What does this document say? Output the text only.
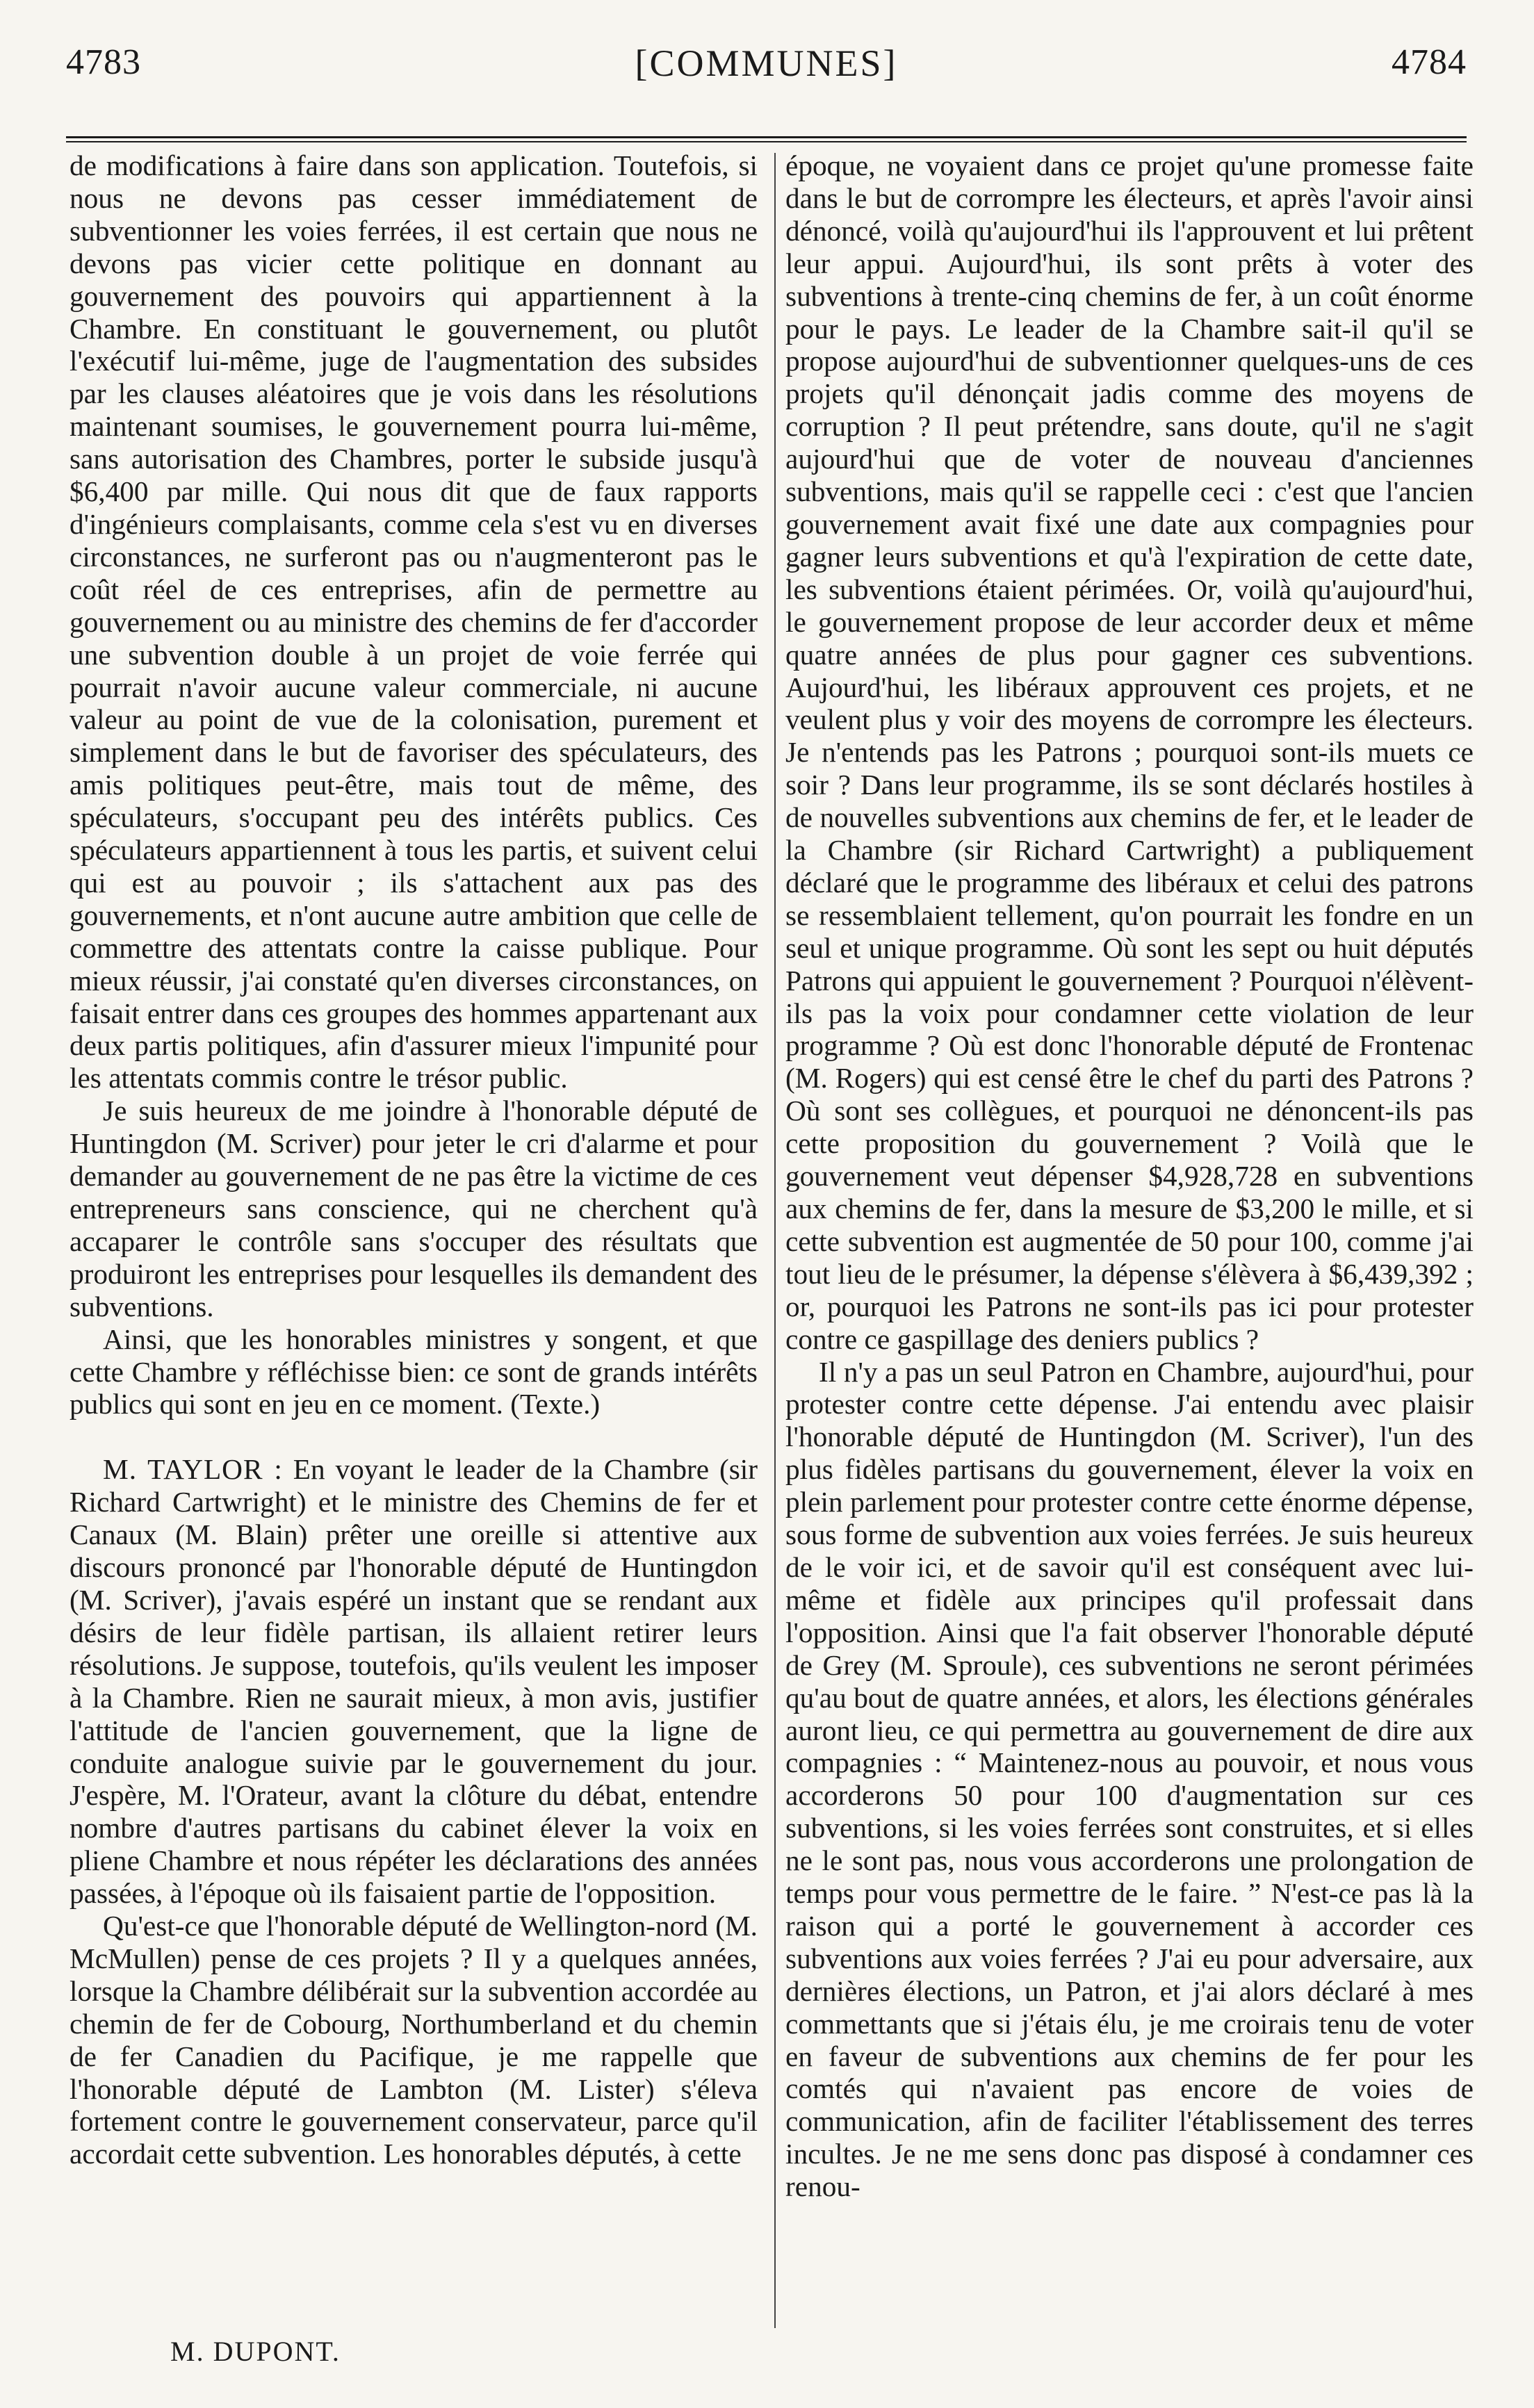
4783	[COMMUNES]	4784

de modifications à faire dans son application. Toutefois, si nous ne devons pas cesser immédiatement de subventionner les voies ferrées, il est certain que nous ne devons pas vicier cette politique en donnant au gouvernement des pouvoirs qui appartiennent à la Chambre. En constituant le gouvernement, ou plutôt l'exécutif lui-même, juge de l'augmentation des subsides par les clauses aléatoires que je vois dans les résolutions maintenant soumises, le gouvernement pourra lui-même, sans autorisation des Chambres, porter le subside jusqu'à $6,400 par mille. Qui nous dit que de faux rapports d'ingénieurs complaisants, comme cela s'est vu en diverses circonstances, ne surferont pas ou n'augmenteront pas le coût réel de ces entreprises, afin de permettre au gouvernement ou au ministre des chemins de fer d'accorder une subvention double à un projet de voie ferrée qui pourrait n'avoir aucune valeur commerciale, ni aucune valeur au point de vue de la colonisation, purement et simplement dans le but de favoriser des spéculateurs, des amis politiques peut-être, mais tout de même, des spéculateurs, s'occupant peu des intérêts publics. Ces spéculateurs appartiennent à tous les partis, et suivent celui qui est au pouvoir ; ils s'attachent aux pas des gouvernements, et n'ont aucune autre ambition que celle de commettre des attentats contre la caisse publique. Pour mieux réussir, j'ai constaté qu'en diverses circonstances, on faisait entrer dans ces groupes des hommes appartenant aux deux partis politiques, afin d'assurer mieux l'impunité pour les attentats commis contre le trésor public.

Je suis heureux de me joindre à l'honorable député de Huntingdon (M. Scriver) pour jeter le cri d'alarme et pour demander au gouvernement de ne pas être la victime de ces entrepreneurs sans conscience, qui ne cherchent qu'à accaparer le contrôle sans s'occuper des résultats que produiront les entreprises pour lesquelles ils demandent des subventions.

Ainsi, que les honorables ministres y songent, et que cette Chambre y réfléchisse bien: ce sont de grands intérêts publics qui sont en jeu en ce moment. (Texte.)

M. TAYLOR : En voyant le leader de la Chambre (sir Richard Cartwright) et le ministre des Chemins de fer et Canaux (M. Blain) prêter une oreille si attentive aux discours prononcé par l'honorable député de Huntingdon (M. Scriver), j'avais espéré un instant que se rendant aux désirs de leur fidèle partisan, ils allaient retirer leurs résolutions. Je suppose, toutefois, qu'ils veulent les imposer à la Chambre. Rien ne saurait mieux, à mon avis, justifier l'attitude de l'ancien gouvernement, que la ligne de conduite analogue suivie par le gouvernement du jour. J'espère, M. l'Orateur, avant la clôture du débat, entendre nombre d'autres partisans du cabinet élever la voix en pliene Chambre et nous répéter les déclarations des années passées, à l'époque où ils faisaient partie de l'opposition.

Qu'est-ce que l'honorable député de Wellington-nord (M. McMullen) pense de ces projets ? Il y a quelques années, lorsque la Chambre délibérait sur la subvention accordée au chemin de fer de Cobourg, Northumberland et du chemin de fer Canadien du Pacifique, je me rappelle que l'honorable député de Lambton (M. Lister) s'éleva fortement contre le gouvernement conservateur, parce qu'il accordait cette subvention. Les honorables députés, à cette

époque, ne voyaient dans ce projet qu'une promesse faite dans le but de corrompre les électeurs, et après l'avoir ainsi dénoncé, voilà qu'aujourd'hui ils l'approuvent et lui prêtent leur appui. Aujourd'hui, ils sont prêts à voter des subventions à trente-cinq chemins de fer, à un coût énorme pour le pays. Le leader de la Chambre sait-il qu'il se propose aujourd'hui de subventionner quelques-uns de ces projets qu'il dénonçait jadis comme des moyens de corruption ? Il peut prétendre, sans doute, qu'il ne s'agit aujourd'hui que de voter de nouveau d'anciennes subventions, mais qu'il se rappelle ceci : c'est que l'ancien gouvernement avait fixé une date aux compagnies pour gagner leurs subventions et qu'à l'expiration de cette date, les subventions étaient périmées. Or, voilà qu'aujourd'hui, le gouvernement propose de leur accorder deux et même quatre années de plus pour gagner ces subventions. Aujourd'hui, les libéraux approuvent ces projets, et ne veulent plus y voir des moyens de corrompre les électeurs. Je n'entends pas les Patrons ; pourquoi sont-ils muets ce soir ? Dans leur programme, ils se sont déclarés hostiles à de nouvelles subventions aux chemins de fer, et le leader de la Chambre (sir Richard Cartwright) a publiquement déclaré que le programme des libéraux et celui des patrons se ressemblaient tellement, qu'on pourrait les fondre en un seul et unique programme. Où sont les sept ou huit députés Patrons qui appuient le gouvernement ? Pourquoi n'élèvent-ils pas la voix pour condamner cette violation de leur programme ? Où est donc l'honorable député de Frontenac (M. Rogers) qui est censé être le chef du parti des Patrons ? Où sont ses collègues, et pourquoi ne dénoncent-ils pas cette proposition du gouvernement ? Voilà que le gouvernement veut dépenser $4,928,728 en subventions aux chemins de fer, dans la mesure de $3,200 le mille, et si cette subvention est augmentée de 50 pour 100, comme j'ai tout lieu de le présumer, la dépense s'élèvera à $6,439,392 ; or, pourquoi les Patrons ne sont-ils pas ici pour protester contre ce gaspillage des deniers publics ?

Il n'y a pas un seul Patron en Chambre, aujourd'hui, pour protester contre cette dépense. J'ai entendu avec plaisir l'honorable député de Huntingdon (M. Scriver), l'un des plus fidèles partisans du gouvernement, élever la voix en plein parlement pour protester contre cette énorme dépense, sous forme de subvention aux voies ferrées. Je suis heureux de le voir ici, et de savoir qu'il est conséquent avec lui-même et fidèle aux principes qu'il professait dans l'opposition. Ainsi que l'a fait observer l'honorable député de Grey (M. Sproule), ces subventions ne seront périmées qu'au bout de quatre années, et alors, les élections générales auront lieu, ce qui permettra au gouvernement de dire aux compagnies : “ Maintenez-nous au pouvoir, et nous vous accorderons 50 pour 100 d'augmentation sur ces subventions, si les voies ferrées sont construites, et si elles ne le sont pas, nous vous accorderons une prolongation de temps pour vous permettre de le faire. ” N'est-ce pas là la raison qui a porté le gouvernement à accorder ces subventions aux voies ferrées ? J'ai eu pour adversaire, aux dernières élections, un Patron, et j'ai alors déclaré à mes commettants que si j'étais élu, je me croirais tenu de voter en faveur de subventions aux chemins de fer pour les comtés qui n'avaient pas encore de voies de communication, afin de faciliter l'établissement des terres incultes. Je ne me sens donc pas disposé à condamner ces renou-

M. DUPONT.
